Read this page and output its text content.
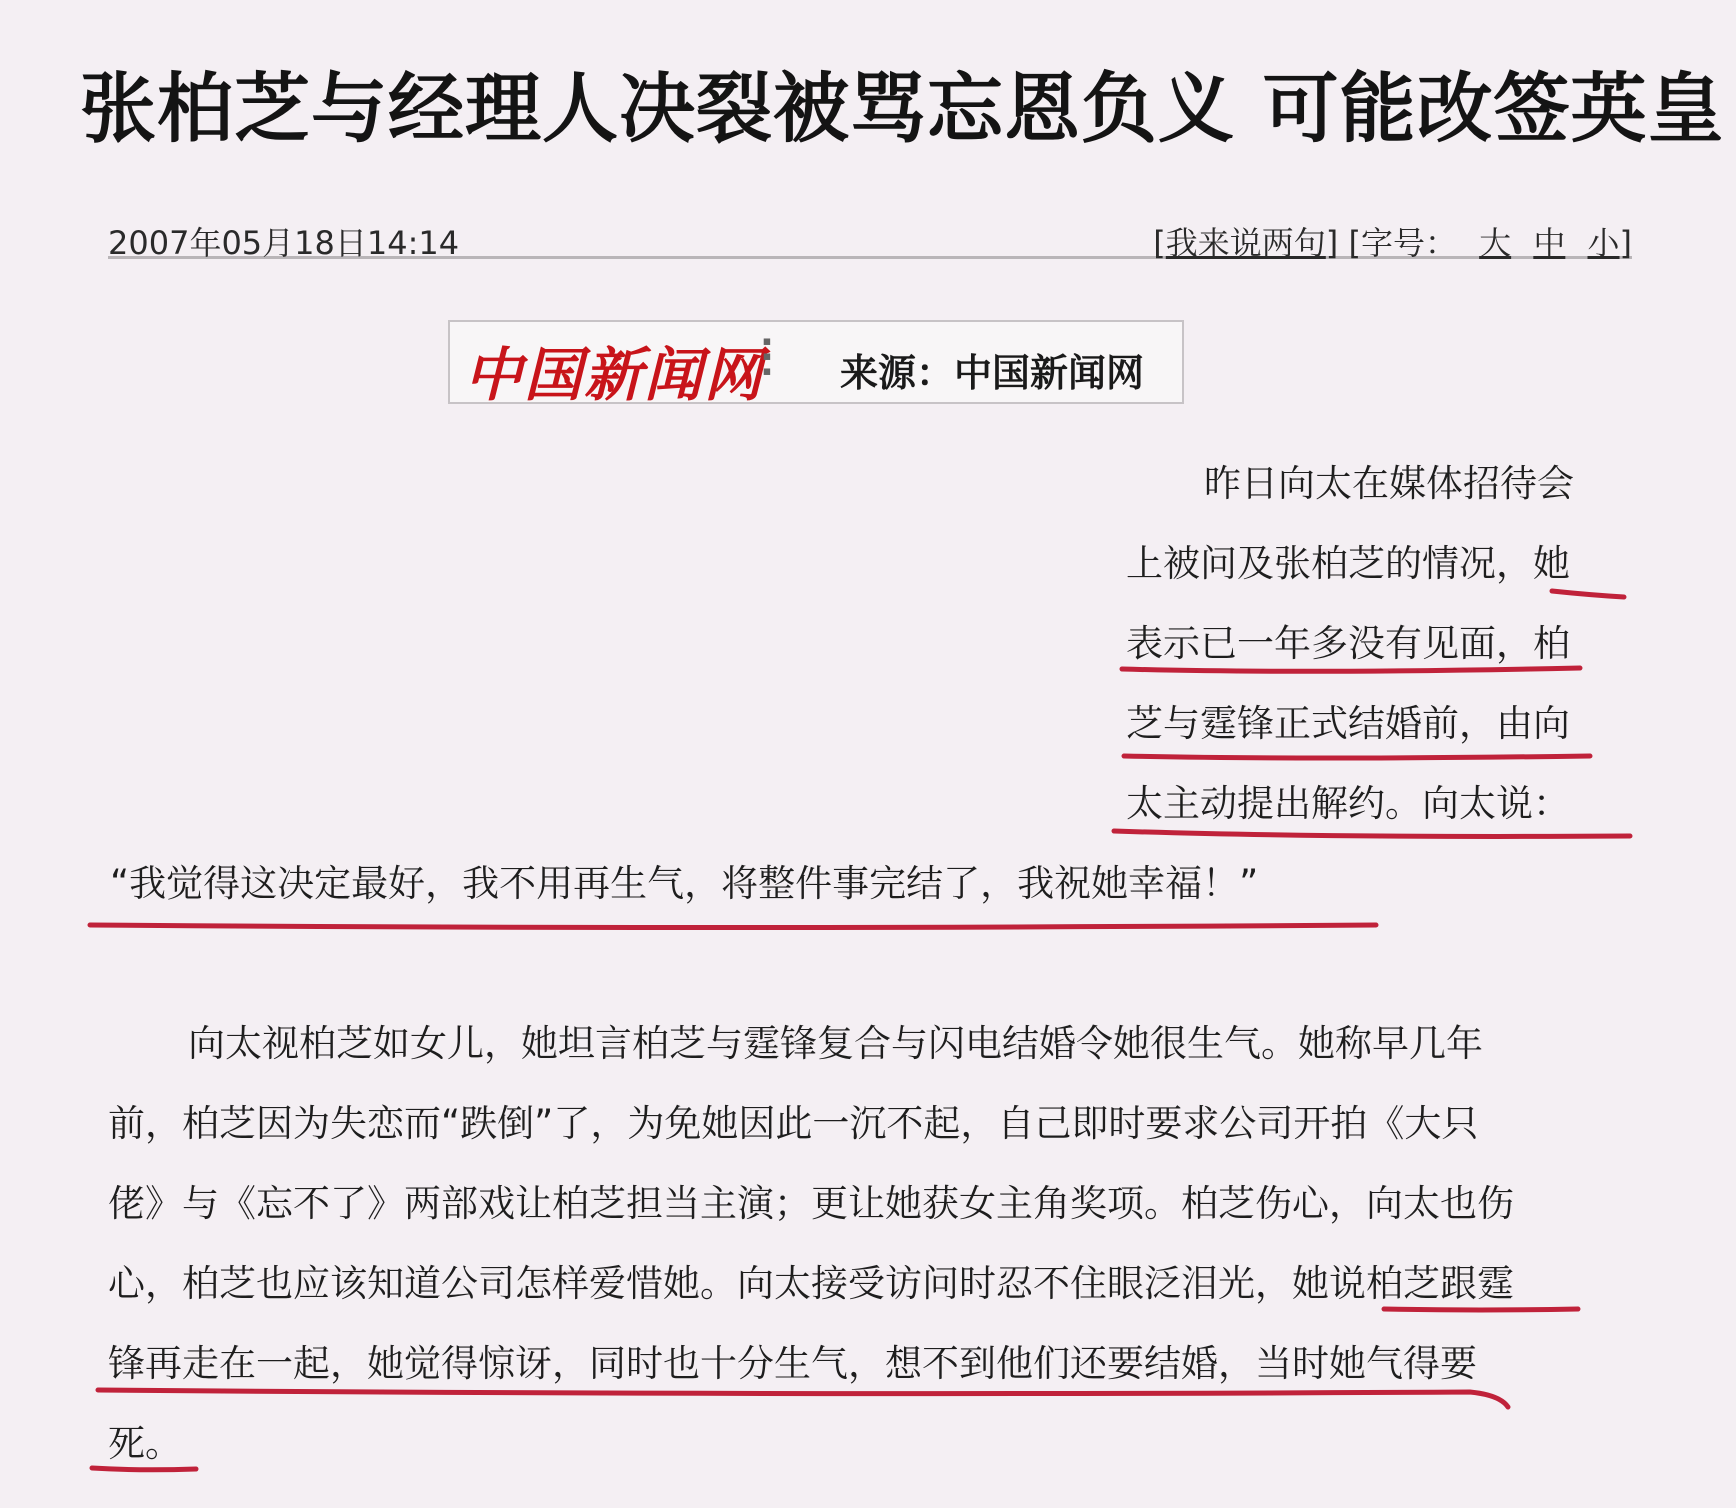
张柏芝与经理人决裂被骂忘恩负义 可能改签英皇
2007年05月18日14:14	[我来说两句] [字号： 大 中 小]
中国新闻网
▪
▪
▪ 来源：中国新闻网
昨日向太在媒体招待会
上被问及张柏芝的情况，她
表示已一年多没有见面，柏
芝与霆锋正式结婚前，由向
太主动提出解约。向太说：
“我觉得这决定最好，我不用再生气，将整件事完结了，我祝她幸福！”
向太视柏芝如女儿，她坦言柏芝与霆锋复合与闪电结婚令她很生气。她称早几年
前，柏芝因为失恋而“跌倒”了，为免她因此一沉不起，自己即时要求公司开拍《大只
佬》与《忘不了》两部戏让柏芝担当主演；更让她获女主角奖项。柏芝伤心，向太也伤
心，柏芝也应该知道公司怎样爱惜她。向太接受访问时忍不住眼泛泪光，她说柏芝跟霆
锋再走在一起，她觉得惊讶，同时也十分生气，想不到他们还要结婚，当时她气得要
死。
